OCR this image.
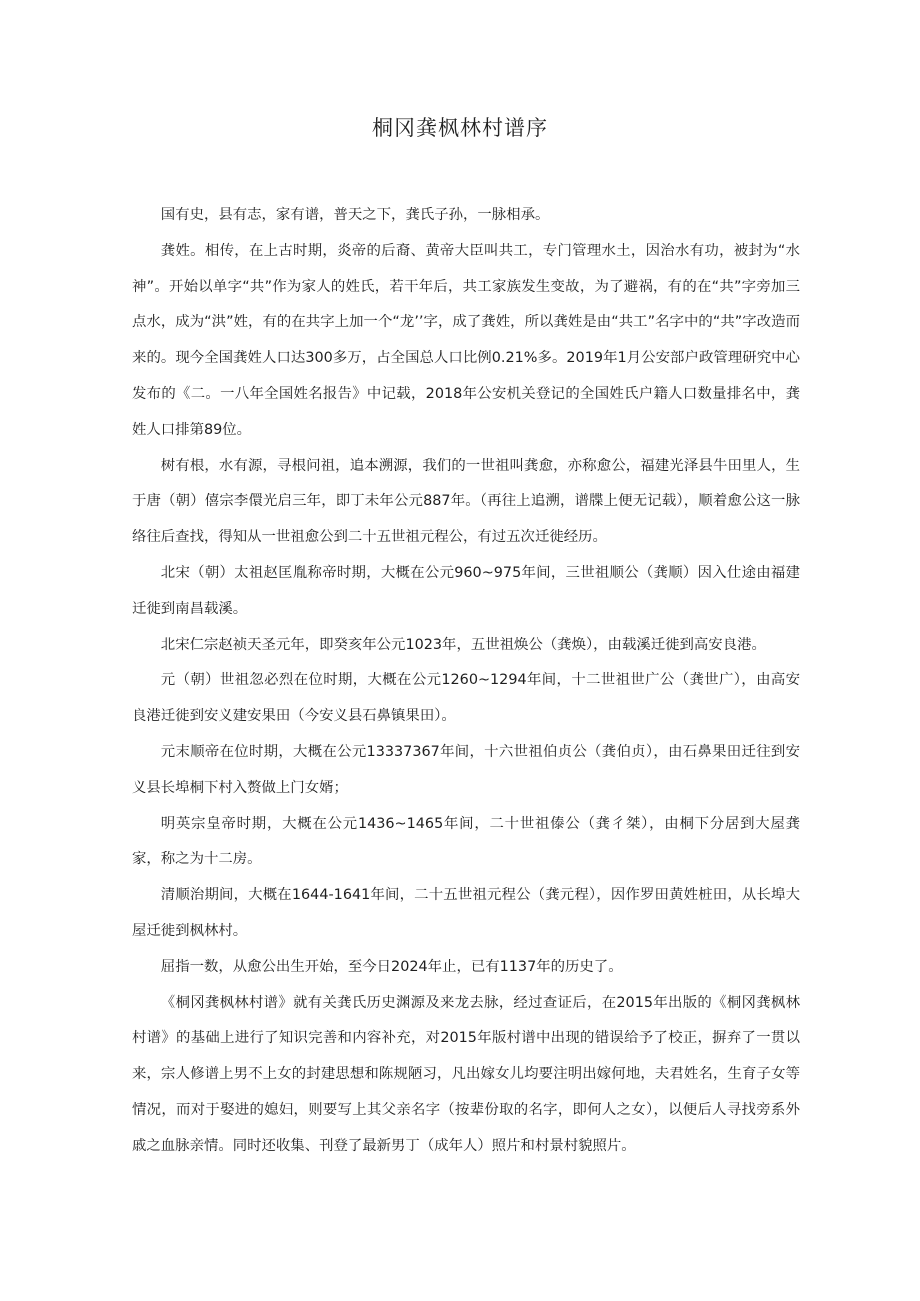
桐冈龚枫林村谱序

国有史，县有志，家有谱，普天之下，龚氏子孙，一脉相承。

龚姓。相传，在上古时期，炎帝的后裔、黄帝大臣叫共工，专门管理水土，因治水有功，被封为“水神”。开始以单字“共”作为家人的姓氏，若干年后，共工家族发生变故，为了避祸，有的在“共”字旁加三点水，成为“洪”姓，有的在共字上加一个“龙’’字，成了龚姓，所以龚姓是由“共工”名字中的“共”字改造而来的。现今全国龚姓人口达300多万，占全国总人口比例0.21%多。2019年1月公安部户政管理研究中心发布的《二。一八年全国姓名报告》中记载，2018年公安机关登记的全国姓氏户籍人口数量排名中，龚姓人口排第89位。

树有根，水有源，寻根问祖，追本溯源，我们的一世祖叫龚愈，亦称愈公，福建光泽县牛田里人，生于唐（朝）僖宗李儇光启三年，即丁未年公元887年。（再往上追溯，谱牒上便无记载），顺着愈公这一脉络往后查找，得知从一世祖愈公到二十五世祖元程公，有过五次迁徙经历。

北宋（朝）太祖赵匡胤称帝时期，大概在公元960~975年间，三世祖顺公（龚顺）因入仕途由福建迁徙到南昌载溪。

北宋仁宗赵祯天圣元年，即癸亥年公元1023年，五世祖焕公（龚焕），由载溪迁徙到高安良港。

元（朝）世祖忽必烈在位时期，大概在公元1260~1294年间，十二世祖世广公（龚世广），由高安良港迁徙到安义建安果田（今安义县石鼻镇果田）。

元末顺帝在位时期，大概在公元13337367年间，十六世祖伯贞公（龚伯贞），由石鼻果田迁往到安义县长埠桐下村入赘做上门女婿；

明英宗皇帝时期，大概在公元1436~1465年间，二十世祖傣公（龚彳桀），由桐下分居到大屋龚家，称之为十二房。

清顺治期间，大概在1644-1641年间，二十五世祖元程公（龚元程），因作罗田黄姓桩田，从长埠大屋迁徙到枫林村。

屈指一数，从愈公出生开始，至今日2024年止，已有1137年的历史了。

《桐冈龚枫林村谱》就有关龚氏历史渊源及来龙去脉，经过查证后，在2015年出版的《桐冈龚枫林村谱》的基础上进行了知识完善和内容补充，对2015年版村谱中出现的错误给予了校正，摒弃了一贯以来，宗人修谱上男不上女的封建思想和陈规陋习，凡出嫁女儿均要注明出嫁何地，夫君姓名，生育子女等情况，而对于娶进的媳妇，则要写上其父亲名字（按辈份取的名字，即何人之女），以便后人寻找旁系外戚之血脉亲情。同时还收集、刊登了最新男丁（成年人）照片和村景村貌照片。
